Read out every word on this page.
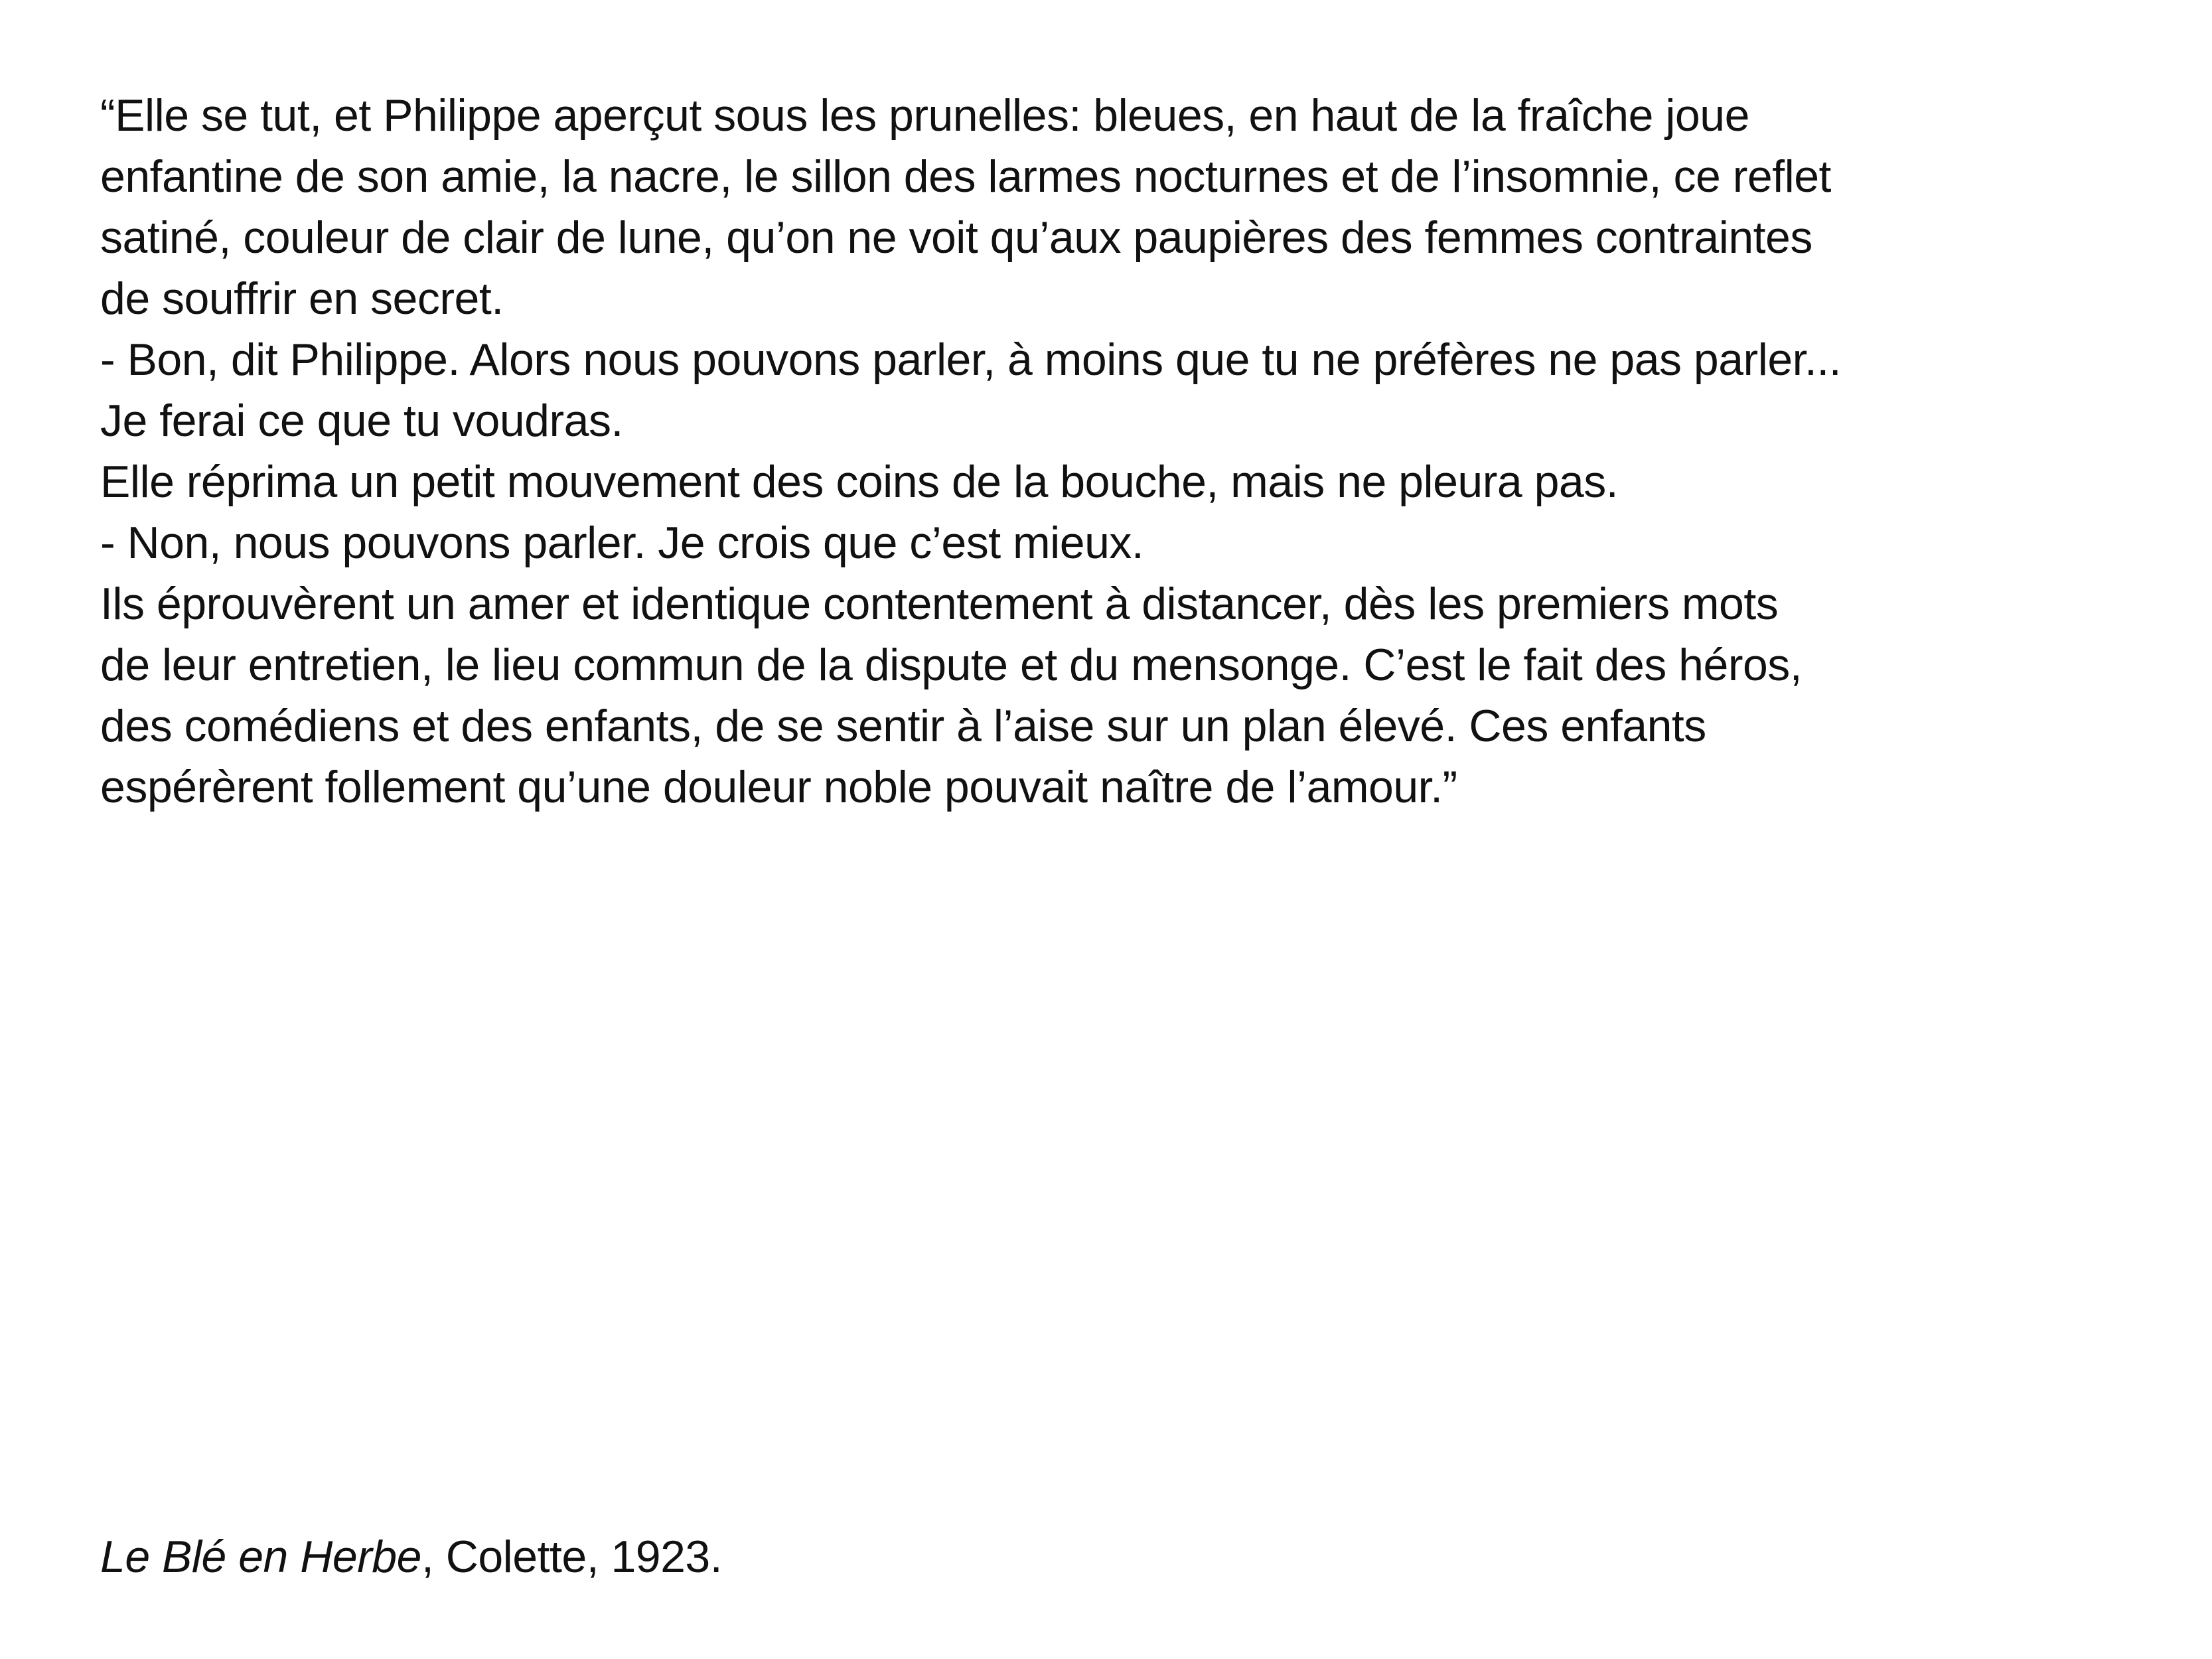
“Elle se tut, et Philippe aperçut sous les prunelles: bleues, en haut de la fraîche joue
enfantine de son amie, la nacre, le sillon des larmes nocturnes et de l’insomnie, ce reflet
satiné, couleur de clair de lune, qu’on ne voit qu’aux paupières des femmes contraintes
de souffrir en secret.
- Bon, dit Philippe. Alors nous pouvons parler, à moins que tu ne préfères ne pas parler...
Je ferai ce que tu voudras.
Elle réprima un petit mouvement des coins de la bouche, mais ne pleura pas.
- Non, nous pouvons parler. Je crois que c’est mieux.
Ils éprouvèrent un amer et identique contentement à distancer, dès les premiers mots
de leur entretien, le lieu commun de la dispute et du mensonge. C’est le fait des héros,
des comédiens et des enfants, de se sentir à l’aise sur un plan élevé. Ces enfants
espérèrent follement qu’une douleur noble pouvait naître de l’amour.”
Le Blé en Herbe, Colette, 1923.
